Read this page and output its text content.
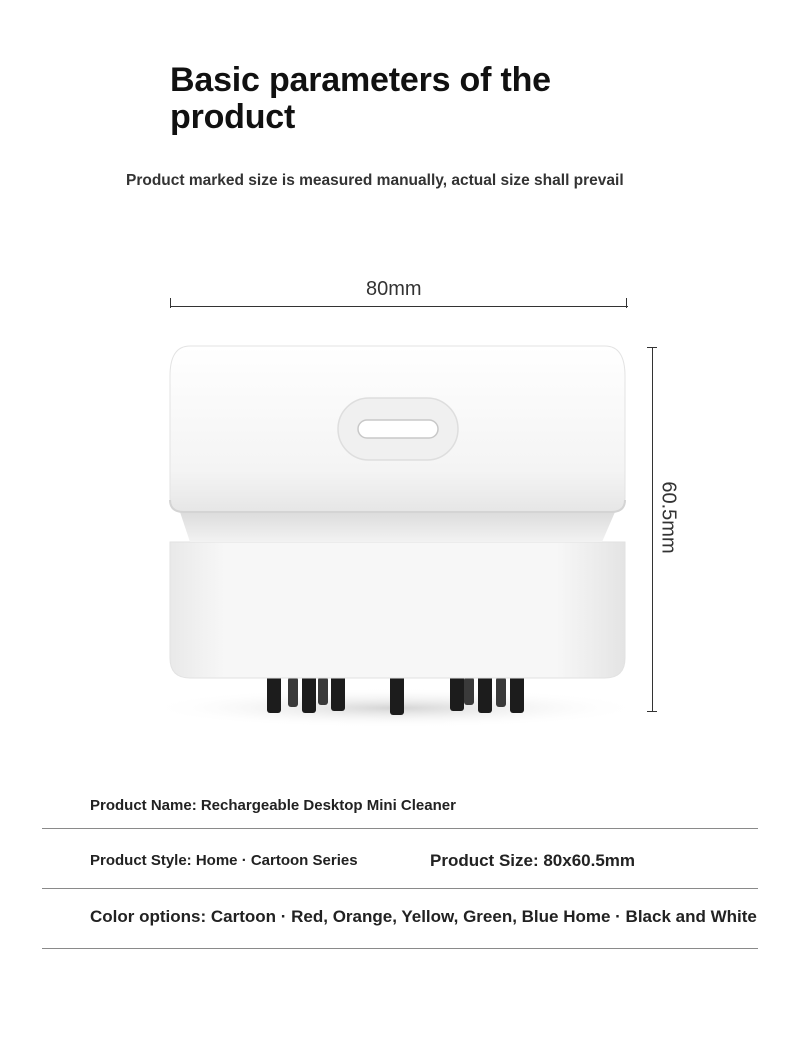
Basic parameters of the product
Product marked size is measured manually, actual size shall prevail
80mm
60.5mm
Product Name: Rechargeable Desktop Mini Cleaner
Product Style: Home · Cartoon Series	Product Size: 80x60.5mm
Color options: Cartoon · Red, Orange, Yellow, Green, Blue Home · Black and White
